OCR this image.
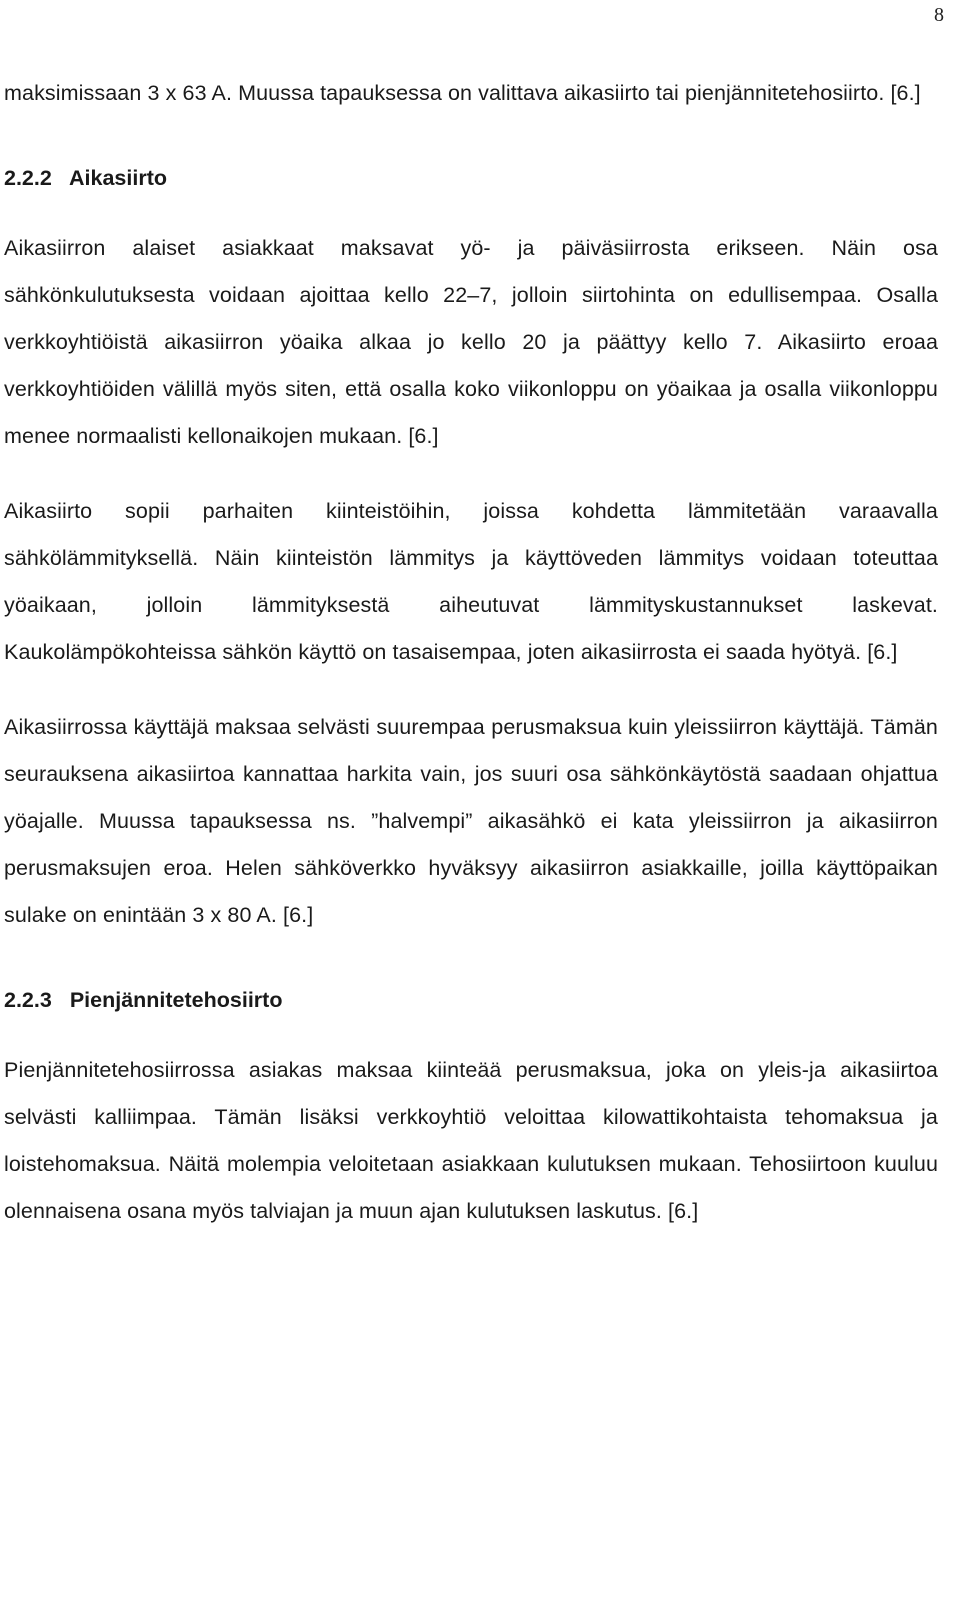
8

maksimissaan 3 x 63 A. Muussa tapauksessa on valittava aikasiirto tai pienjännitetehosiirto. [6.]

2.2.2 Aikasiirto

Aikasiirron alaiset asiakkaat maksavat yö- ja päiväsiirrosta erikseen. Näin osa sähkönkulutuksesta voidaan ajoittaa kello 22–7, jolloin siirtohinta on edullisempaa. Osalla verkkoyhtiöistä aikasiirron yöaika alkaa jo kello 20 ja päättyy kello 7. Aikasiirto eroaa verkkoyhtiöiden välillä myös siten, että osalla koko viikonloppu on yöaikaa ja osalla viikonloppu menee normaalisti kellonaikojen mukaan. [6.]

Aikasiirto sopii parhaiten kiinteistöihin, joissa kohdetta lämmitetään varaavalla sähkölämmityksellä. Näin kiinteistön lämmitys ja käyttöveden lämmitys voidaan toteuttaa yöaikaan, jolloin lämmityksestä aiheutuvat lämmityskustannukset laskevat. Kaukolämpökohteissa sähkön käyttö on tasaisempaa, joten aikasiirrosta ei saada hyötyä. [6.]

Aikasiirrossa käyttäjä maksaa selvästi suurempaa perusmaksua kuin yleissiirron käyttäjä. Tämän seurauksena aikasiirtoa kannattaa harkita vain, jos suuri osa sähkönkäytöstä saadaan ohjattua yöajalle. Muussa tapauksessa ns. ”halvempi” aikasähkö ei kata yleissiirron ja aikasiirron perusmaksujen eroa. Helen sähköverkko hyväksyy aikasiirron asiakkaille, joilla käyttöpaikan sulake on enintään 3 x 80 A. [6.]

2.2.3 Pienjännitetehosiirto

Pienjännitetehosiirrossa asiakas maksaa kiinteää perusmaksua, joka on yleis-ja aikasiirtoa selvästi kalliimpaa. Tämän lisäksi verkkoyhtiö veloittaa kilowattikohtaista tehomaksua ja loistehomaksua. Näitä molempia veloitetaan asiakkaan kulutuksen mukaan. Tehosiirtoon kuuluu olennaisena osana myös talviajan ja muun ajan kulutuksen laskutus. [6.]
